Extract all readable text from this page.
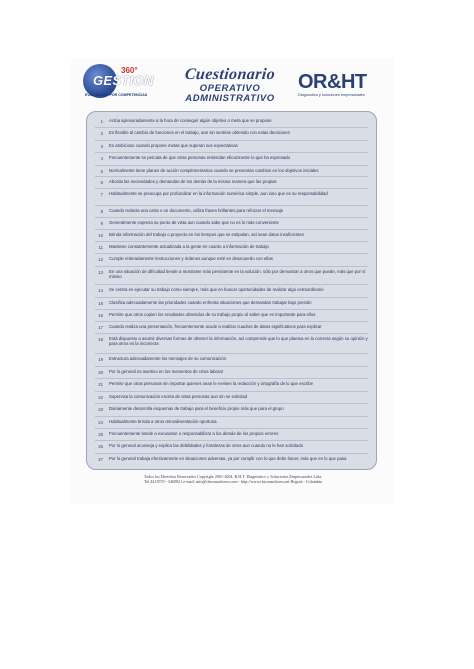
GESTION
360°
EVALUACION POR COMPETENCIAS
Cuestionario
OPERATIVO
ADMINISTRATIVO
OR&HT
Diagnóstico y soluciones empresariales
1 Actúa apresuradamente a la hora de conseguir algún objetivo o meta que se propone
2 Es flexible al cambio de funciones en el trabajo, aun sin sentirse obtenido con estas decisiones
3 Es ambicioso cuando propone metas que superan sus expectativas
4 Frecuentemente se percata de que otras personas entiendan eficazmente lo que ha expresado
5 Normalmente tiene planes de acción complementarios cuando se presentan cambios en los objetivos iniciales
6 Aborda las necesidades y demandas de los demás de la misma manera que las propias
7 Habitualmente se preocupa por profundizar en la información numérica simple, aun sino que es su responsabilidad
8 Cuando redacta una carta o un documento, utiliza frases brillantes para reforzar el mensaje
9 Generalmente expresa su punto de vista aun cuando sabe que no es lo más conveniente
10 Brinda información del trabajo o proyecto en los tiempos que se estipulan, así sean datos insuficientes
11 Mantiene constantemente actualizada a la gente en cuanto a información de trabajo
12 Cumple reiteradamente instrucciones y órdenes aunque esté en desacuerdo con ellas
13 En una situación de dificultad tiende a mostrarse más persistente en la solución, sólo por demostrar a otros que puede, más que por sí mismo
14 Se centra en ejecutar su trabajo como siempre, más que en buscar oportunidades de realizar algo extraordinario
15 Clasifica adecuadamente las prioridades cuando enfrenta situaciones que demandan trabajar bajo presión
16 Permite que otros copien los resultados obtenidos de su trabajo propio al saber que es importante para ellos
17 Cuando realiza una presentación, frecuentemente acude a realizar cuadros de datos significativos para explicar
18 Está dispuesto a asumir diversas formas de obtener la información, así comprende que lo que plantea en la correcta según su opinión y para otros es la incorrecta
19 Estructura adecuadamente los mensajes de su comunicación
20 Por lo general es asertivo en los momentos de crisis laboral
21 Permite que otras personas sin importar quienes sean le revisen la redacción y ortografía de lo que escribe
22 Supervisa la comunicación escrita de otras personas aun sin se solicitad
23 Diariamente desarrolla esquemas de trabajo para el beneficio propio más que para el grupo
24 Habitualmente brinda a otros retroalimentación oportuna
25 Frecuentemente tiende a excusarse o responsabilizar a los demás de los propios errores
26 Por lo general aconseja y explica las debilidades y fortalezas de otros aun cuando no le han solicitado
27 Por lo general trabaja efectivamente en situaciones adversas, ya por cumplir con lo que debe hacer, más que en lo que pasa
Todos los Derechos Reservados Copyright 2001-2004. R.H.T. Diagnóstico y Soluciones Empresariales Ltda.
Tel 4413570 - 3460821 e-mail: info@rhtconsultores.com - http://www.rhtconsultores.net Bogotá - Colombia
